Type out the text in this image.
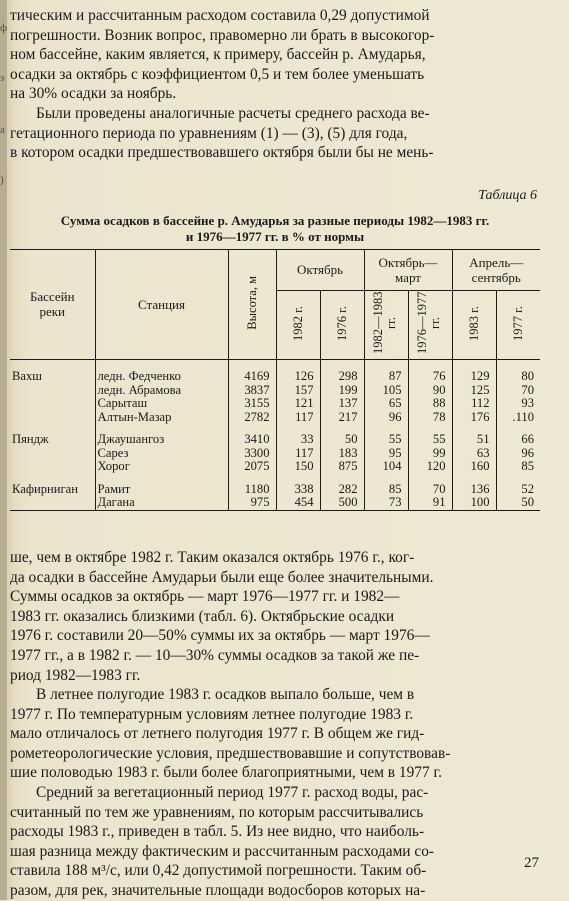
ф
з
а
)
тическим и рассчитанным расходом составила 0,29 допустимой
погрешности. Возник вопрос, правомерно ли брать в высокогор-
ном бассейне, каким является, к примеру, бассейн р. Амударья,
осадки за октябрь с коэффициентом 0,5 и тем более уменьшать
на 30% осадки за ноябрь.
Были проведены аналогичные расчеты среднего расхода ве-
гетационного периода по уравнениям (1) — (3), (5) для года,
в котором осадки предшествовавшего октября были бы не мень-
Таблица 6
Сумма осадков в бассейне р. Амударья за разные периоды 1982—1983 гг.
и 1976—1977 гг. в % от нормы
Бассейн реки	Станция	Высота, м	Октябрь		Октябрь—март		Апрель—сентябрь	
			1982 г.	1976 г.	1982—1983 гг.	1976—1977 гг.	1983 г.	1977 г.
Вахш	ледн. Федченко	4169	126	298	87	76	129	80
	ледн. Абрамова	3837	157	199	105	90	125	70
	Сарыташ	3155	121	137	65	88	112	93
	Алтын-Мазар	2782	117	217	96	78	176	.110

Пяндж	Джаушангоз	3410	33	50	55	55	51	66
	Сарез	3300	117	183	95	99	63	96
	Хорог	2075	150	875	104	120	160	85

Кафирниган	Рамит	1180	338	282	85	70	136	52
	Дагана	975	454	500	73	91	100	50
ше, чем в октябре 1982 г. Таким оказался октябрь 1976 г., ког-
да осадки в бассейне Амударьи были еще более значительными.
Суммы осадков за октябрь — март 1976—1977 гг. и 1982—
1983 гг. оказались близкими (табл. 6). Октябрьские осадки
1976 г. составили 20—50% суммы их за октябрь — март 1976—
1977 гг., а в 1982 г. — 10—30% суммы осадков за такой же пе-
риод 1982—1983 гг.
В летнее полугодие 1983 г. осадков выпало больше, чем в
1977 г. По температурным условиям летнее полугодие 1983 г.
мало отличалось от летнего полугодия 1977 г. В общем же гид-
рометеорологические условия, предшествовавшие и сопутствовав-
шие половодью 1983 г. были более благоприятными, чем в 1977 г.
Средний за вегетационный период 1977 г. расход воды, рас-
считанный по тем же уравнениям, по которым рассчитывались
расходы 1983 г., приведен в табл. 5. Из нее видно, что наиболь-
шая разница между фактическим и рассчитанным расходами со-
ставила 188 м³/с, или 0,42 допустимой погрешности. Таким об-
разом, для рек, значительные площади водосборов которых на-
27
